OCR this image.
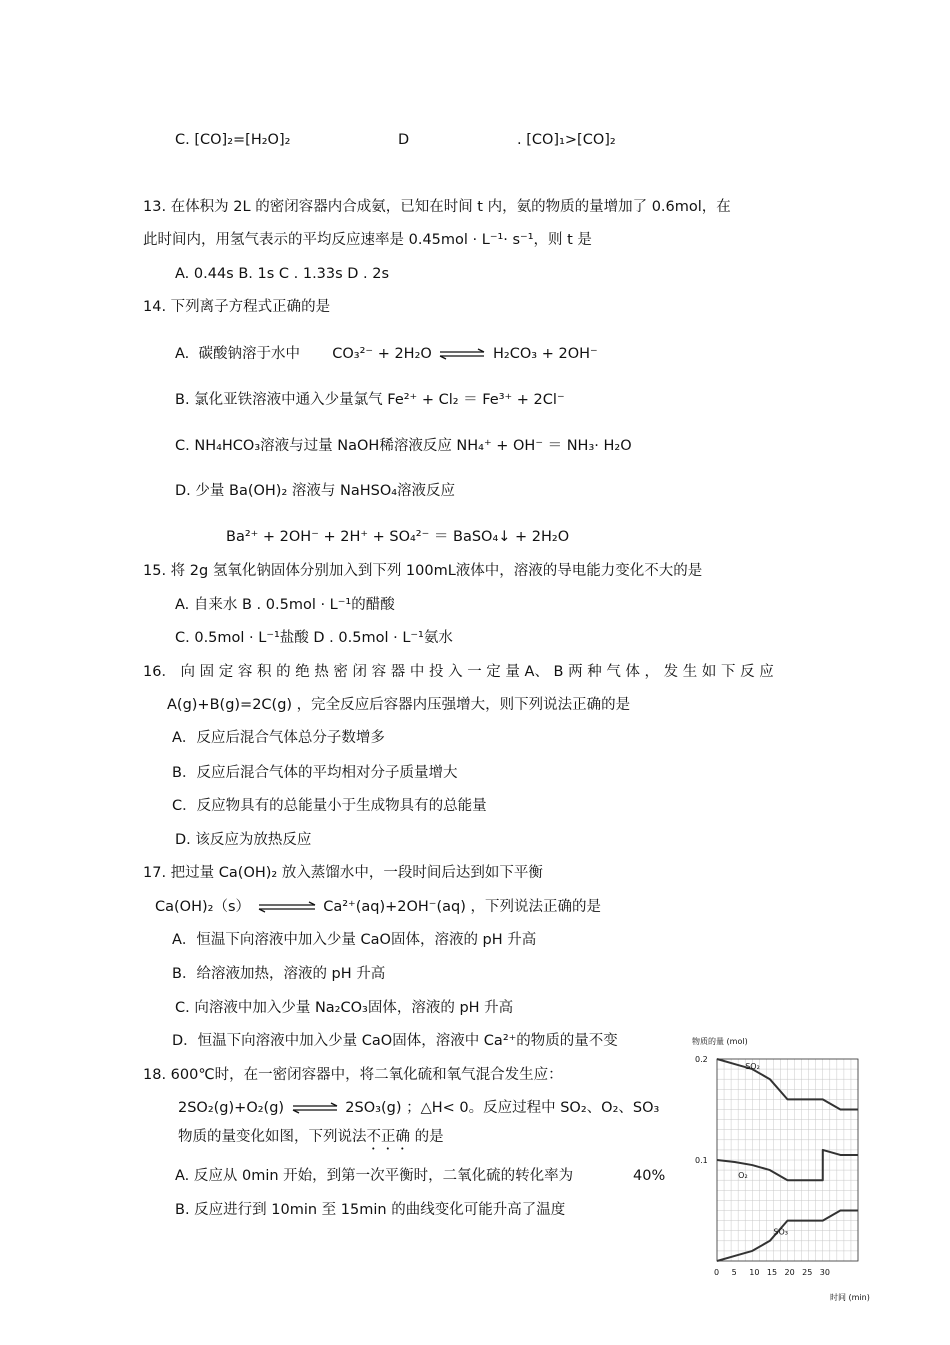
C. [CO]₂=[H₂O]₂	D	. [CO]₁>[CO]₂
13. 在体积为 2L 的密闭容器内合成氨，已知在时间 t 内，氨的物质的量增加了 0.6mol，在
此时间内，用氢气表示的平均反应速率是 0.45mol · L⁻¹· s⁻¹，则 t 是
A. 0.44s B. 1s C . 1.33s D . 2s
14. 下列离子方程式正确的是
A. 碳酸钠溶于水中 CO₃²⁻ + 2H₂O ⇌ H₂CO₃ + 2OH⁻
B. 氯化亚铁溶液中通入少量氯气 Fe²⁺ + Cl₂ ＝ Fe³⁺ + 2Cl⁻
C. NH₄HCO₃溶液与过量 NaOH稀溶液反应 NH₄⁺ + OH⁻ ＝ NH₃· H₂O
D. 少量 Ba(OH)₂ 溶液与 NaHSO₄溶液反应
Ba²⁺ + 2OH⁻ + 2H⁺ + SO₄²⁻ ＝ BaSO₄↓ + 2H₂O
15. 将 2g 氢氧化钠固体分别加入到下列 100mL液体中，溶液的导电能力变化不大的是
A. 自来水 B . 0.5mol · L⁻¹的醋酸
C. 0.5mol · L⁻¹盐酸 D . 0.5mol · L⁻¹氨水
16． 向 固 定 容 积 的 绝 热 密 闭 容 器 中 投 入 一 定 量 A、 B 两 种 气 体 ， 发 生 如 下 反 应
A(g)+B(g)=2C(g) ，完全反应后容器内压强增大，则下列说法正确的是
A．反应后混合气体总分子数增多
B．反应后混合气体的平均相对分子质量增大
C．反应物具有的总能量小于生成物具有的总能量
D. 该反应为放热反应
17. 把过量 Ca(OH)₂ 放入蒸馏水中，一段时间后达到如下平衡
Ca(OH)₂（s）	Ca²⁺(aq)+2OH⁻(aq) ，下列说法正确的是
A．恒温下向溶液中加入少量 CaO固体，溶液的 pH 升高
B．给溶液加热，溶液的 pH 升高
C. 向溶液中加入少量 Na₂CO₃固体，溶液的 pH 升高
D．恒温下向溶液中加入少量 CaO固体，溶液中 Ca²⁺的物质的量不变
18. 600℃时，在一密闭容器中，将二氧化硫和氧气混合发生应：
2SO₂(g)+O₂(g) ⇌ 2SO₃(g) ；△H< 0。反应过程中 SO₂、O₂、SO₃
物质的量变化如图，下列说法不正确 的是
A. 反应从 0min 开始，到第一次平衡时，二氧化硫的转化率为	40%
B. 反应进行到 10min 至 15min 的曲线变化可能升高了温度
物质的量 (mol)
SO₂
O₂
SO₃
0 5 10 15 20 25 30
0.2
0.1
时间 (min)
